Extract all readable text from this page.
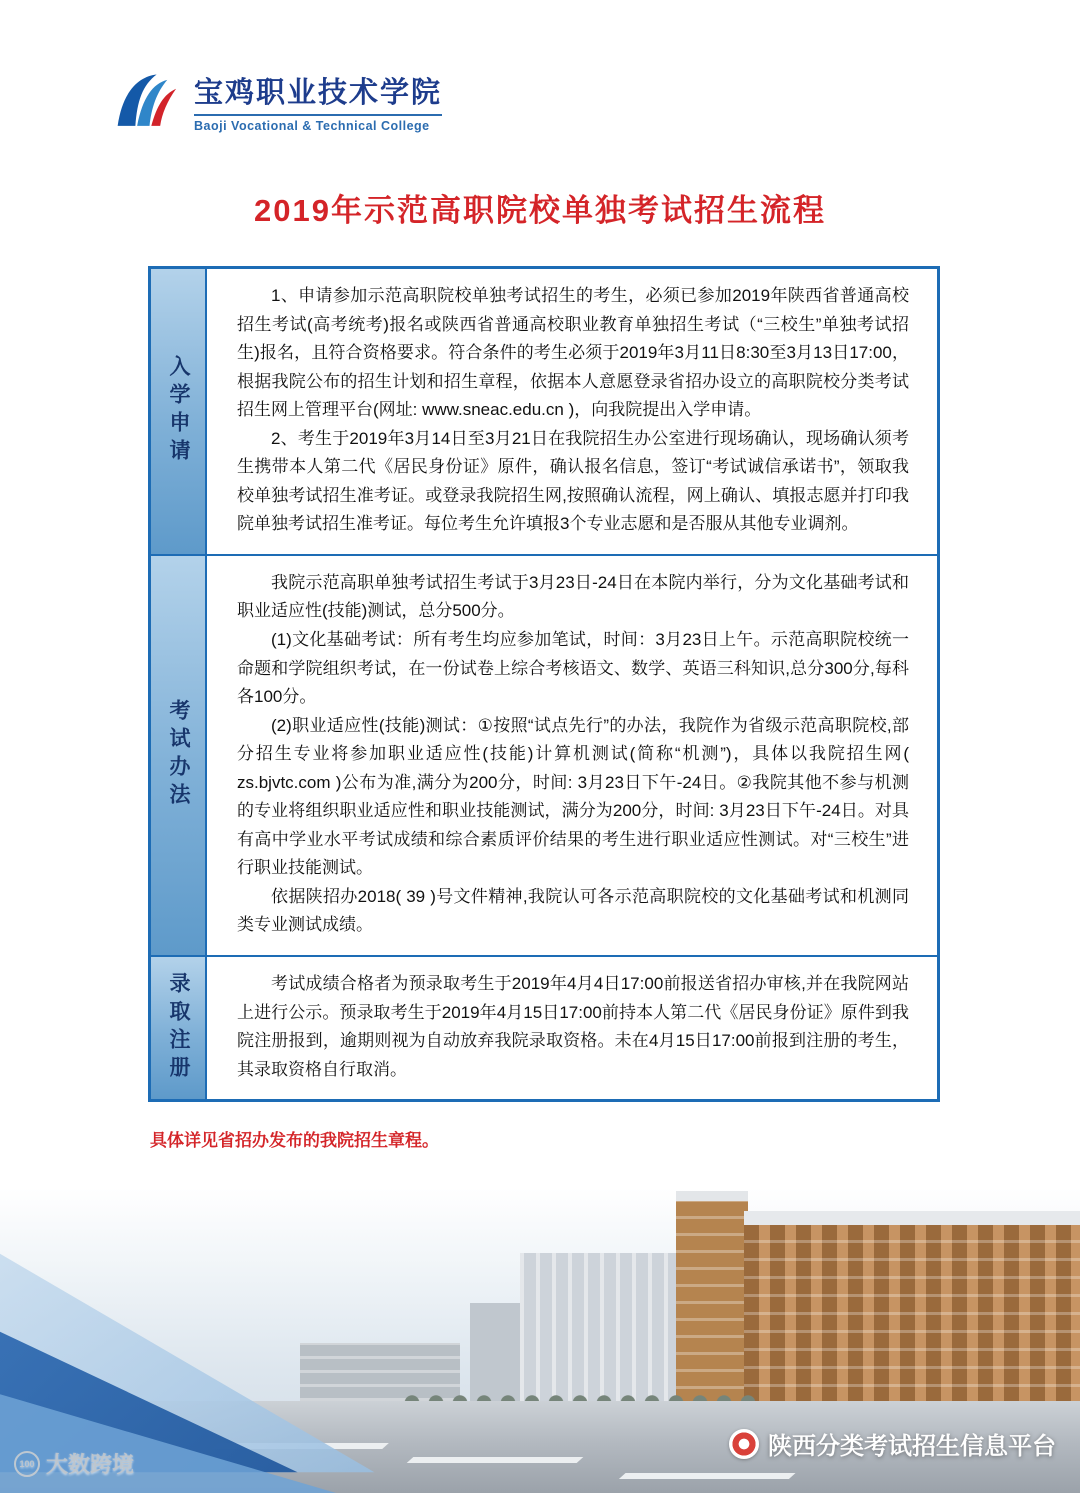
宝鸡职业技术学院
Baoji Vocational & Technical College
2019年示范高职院校单独考试招生流程
入学申请

1、申请参加示范高职院校单独考试招生的考生，必须已参加2019年陕西省普通高校招生考试(高考统考)报名或陕西省普通高校职业教育单独招生考试（“三校生”单独考试招生)报名，且符合资格要求。符合条件的考生必须于2019年3月11日8:30至3月13日17:00，根据我院公布的招生计划和招生章程，依据本人意愿登录省招办设立的高职院校分类考试招生网上管理平台(网址: www.sneac.edu.cn )，向我院提出入学申请。

2、考生于2019年3月14日至3月21日在我院招生办公室进行现场确认，现场确认须考生携带本人第二代《居民身份证》原件，确认报名信息，签订“考试诚信承诺书”，领取我校单独考试招生准考证。或登录我院招生网,按照确认流程，网上确认、填报志愿并打印我院单独考试招生准考证。每位考生允许填报3个专业志愿和是否服从其他专业调剂。

考试办法

我院示范高职单独考试招生考试于3月23日-24日在本院内举行，分为文化基础考试和职业适应性(技能)测试，总分500分。

(1)文化基础考试：所有考生均应参加笔试，时间：3月23日上午。示范高职院校统一命题和学院组织考试，在一份试卷上综合考核语文、数学、英语三科知识,总分300分,每科各100分。

(2)职业适应性(技能)测试：①按照“试点先行”的办法，我院作为省级示范高职院校,部分招生专业将参加职业适应性(技能)计算机测试(简称“机测”)，具体以我院招生网( zs.bjvtc.com )公布为准,满分为200分，时间: 3月23日下午-24日。②我院其他不参与机测的专业将组织职业适应性和职业技能测试，满分为200分，时间: 3月23日下午-24日。对具有高中学业水平考试成绩和综合素质评价结果的考生进行职业适应性测试。对“三校生”进行职业技能测试。

依据陕招办2018( 39 )号文件精神,我院认可各示范高职院校的文化基础考试和机测同类专业测试成绩。

录取注册	考试成绩合格者为预录取考生于2019年4月4日17:00前报送省招办审核,并在我院网站上进行公示。预录取考生于2019年4月15日17:00前持本人第二代《居民身份证》原件到我院注册报到，逾期则视为自动放弃我院录取资格。未在4月15日17:00前报到注册的考生，其录取资格自行取消。

具体详见省招办发布的我院招生章程。

陕西分类考试招生信息平台
100 大数跨境
